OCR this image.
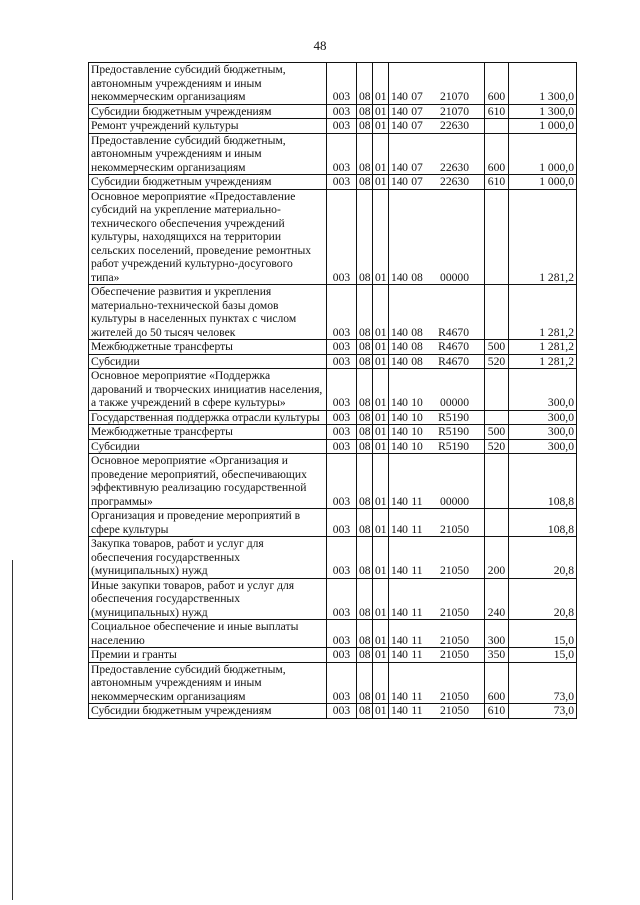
48
Предоставление субсидий бюджетным, автономным учреждениям и иным некоммерческим организациям	003	08	01	140 07 21070	600	1 300,0
Субсидии бюджетным учреждениям	003	08	01	140 07 21070	610	1 300,0
Ремонт учреждений культуры	003	08	01	140 07 22630		1 000,0
Предоставление субсидий бюджетным, автономным учреждениям и иным некоммерческим организациям	003	08	01	140 07 22630	600	1 000,0
Субсидии бюджетным учреждениям	003	08	01	140 07 22630	610	1 000,0
Основное мероприятие «Предоставление субсидий на укрепление материально-технического обеспечения учреждений культуры, находящихся на территории сельских поселений, проведение ремонтных работ учреждений культурно-досугового типа»	003	08	01	140 08 00000		1 281,2
Обеспечение развития и укрепления материально-технической базы домов культуры в населенных пунктах с числом жителей до 50 тысяч человек	003	08	01	140 08 R4670		1 281,2
Межбюджетные трансферты	003	08	01	140 08 R4670	500	1 281,2
Субсидии	003	08	01	140 08 R4670	520	1 281,2
Основное мероприятие «Поддержка дарований и творческих инициатив населения, а также учреждений в сфере культуры»	003	08	01	140 10 00000		300,0
Государственная поддержка отрасли культуры	003	08	01	140 10 R5190		300,0
Межбюджетные трансферты	003	08	01	140 10 R5190	500	300,0
Субсидии	003	08	01	140 10 R5190	520	300,0
Основное мероприятие «Организация и проведение мероприятий, обеспечивающих эффективную реализацию государственной программы»	003	08	01	140 11 00000		108,8
Организация и проведение мероприятий в сфере культуры	003	08	01	140 11 21050		108,8
Закупка товаров, работ и услуг для обеспечения государственных (муниципальных) нужд	003	08	01	140 11 21050	200	20,8
Иные закупки товаров, работ и услуг для обеспечения государственных (муниципальных) нужд	003	08	01	140 11 21050	240	20,8
Социальное обеспечение и иные выплаты населению	003	08	01	140 11 21050	300	15,0
Премии и гранты	003	08	01	140 11 21050	350	15,0
Предоставление субсидий бюджетным, автономным учреждениям и иным некоммерческим организациям	003	08	01	140 11 21050	600	73,0
Субсидии бюджетным учреждениям	003	08	01	140 11 21050	610	73,0
